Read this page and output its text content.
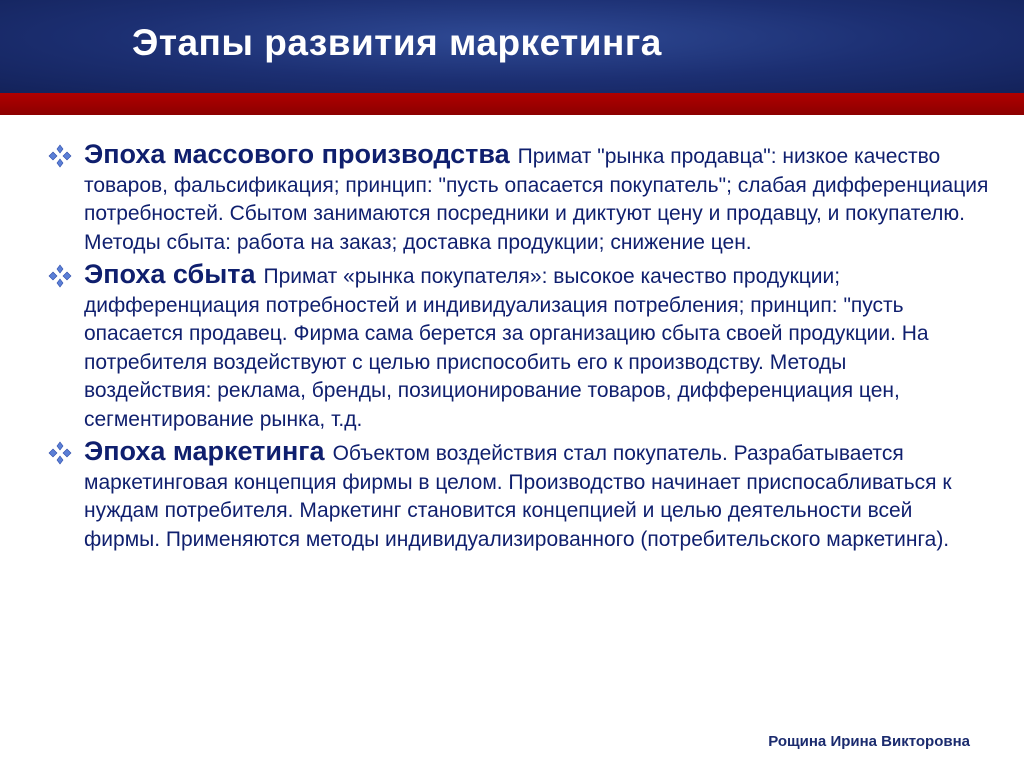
Этапы развития маркетинга
Эпоха массового производства Примат "рынка продавца": низкое качество товаров, фальсификация; принцип: "пусть опасается покупатель"; слабая дифференциация потребностей. Сбытом занимаются посредники и диктуют цену и продавцу, и покупателю. Методы сбыта: работа на заказ; доставка продукции; снижение цен.
Эпоха сбыта Примат «рынка покупателя»: высокое качество продукции; дифференциация потребностей и индивидуализация потребления; принцип: "пусть опасается продавец. Фирма сама берется за организацию сбыта своей продукции. На потребителя воздействуют с целью приспособить его к производству. Методы воздействия: реклама, бренды, позиционирование товаров, дифференциация цен, сегментирование рынка, т.д.
Эпоха маркетинга Объектом воздействия стал покупатель. Разрабатывается маркетинговая концепция фирмы в целом. Производство начинает приспосабливаться к нуждам потребителя. Маркетинг становится концепцией и целью деятельности всей фирмы. Применяются методы индивидуализированного (потребительского маркетинга).
Рощина Ирина Викторовна
